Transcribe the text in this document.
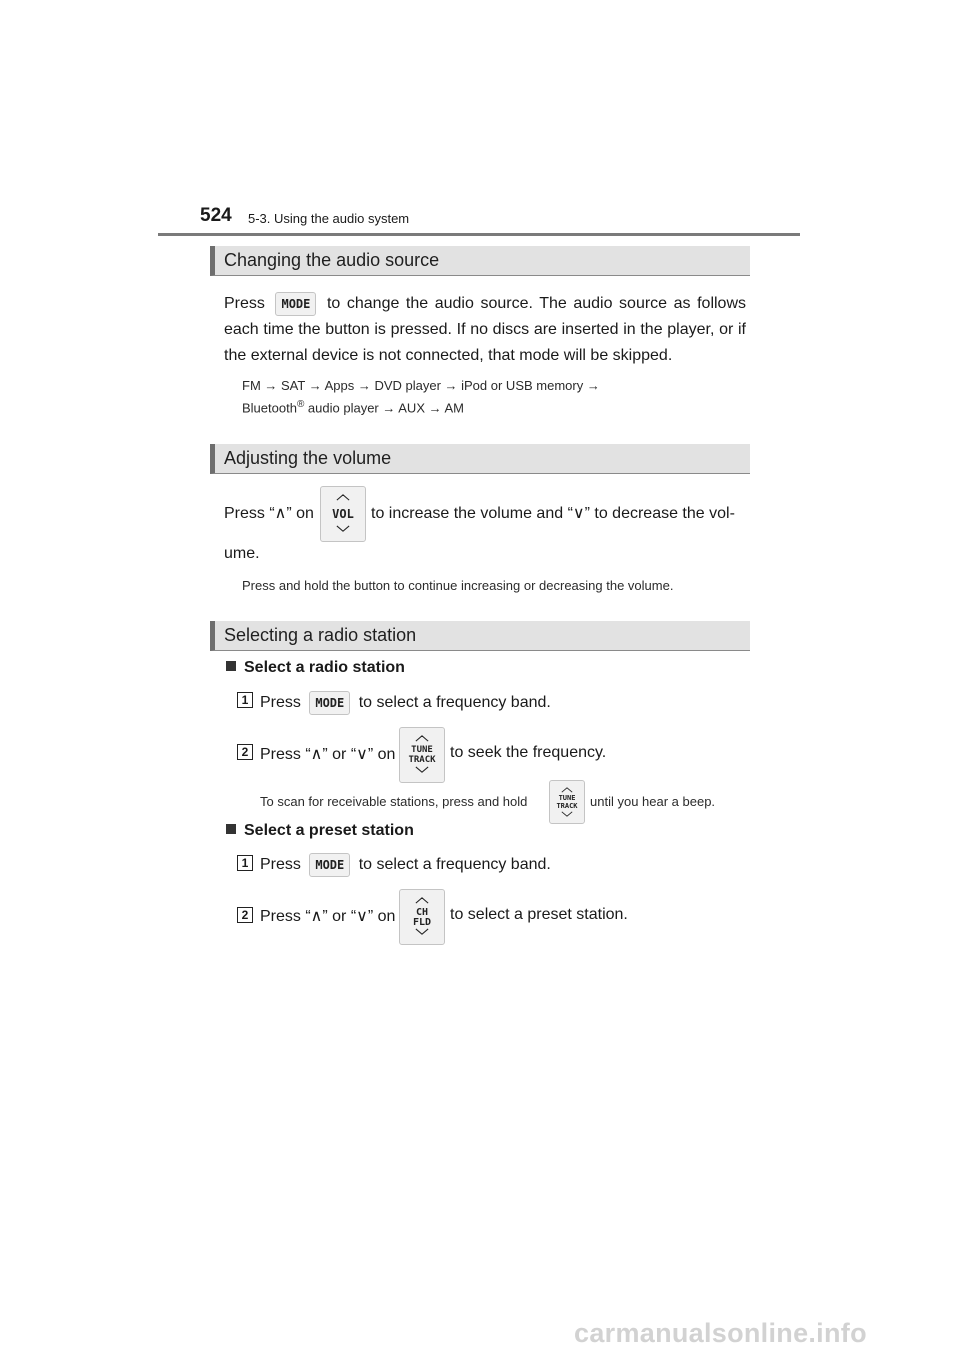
524 5-3. Using the audio system
Changing the audio source
Press MODE to change the audio source. The audio source as follows each time the button is pressed. If no discs are inserted in the player, or if the external device is not connected, that mode will be skipped.
FM → SAT → Apps → DVD player → iPod or USB memory →
Bluetooth® audio player → AUX → AM
Adjusting the volume
Press “∧” on
︿
VOL
﹀
to increase the volume and “∨” to decrease the vol-
ume.
Press and hold the button to continue increasing or decreasing the volume.
Selecting a radio station
Select a radio station
1 Press MODE to select a frequency band.
2 Press “∧” or “∨” on
︿
TUNE
TRACK
﹀
to seek the frequency.
To scan for receivable stations, press and hold
︿
TUNE
TRACK
﹀
until you hear a beep.
Select a preset station
1 Press MODE to select a frequency band.
2 Press “∧” or “∨” on
︿
CH
FLD
﹀
to select a preset station.
carmanualsonline.info
